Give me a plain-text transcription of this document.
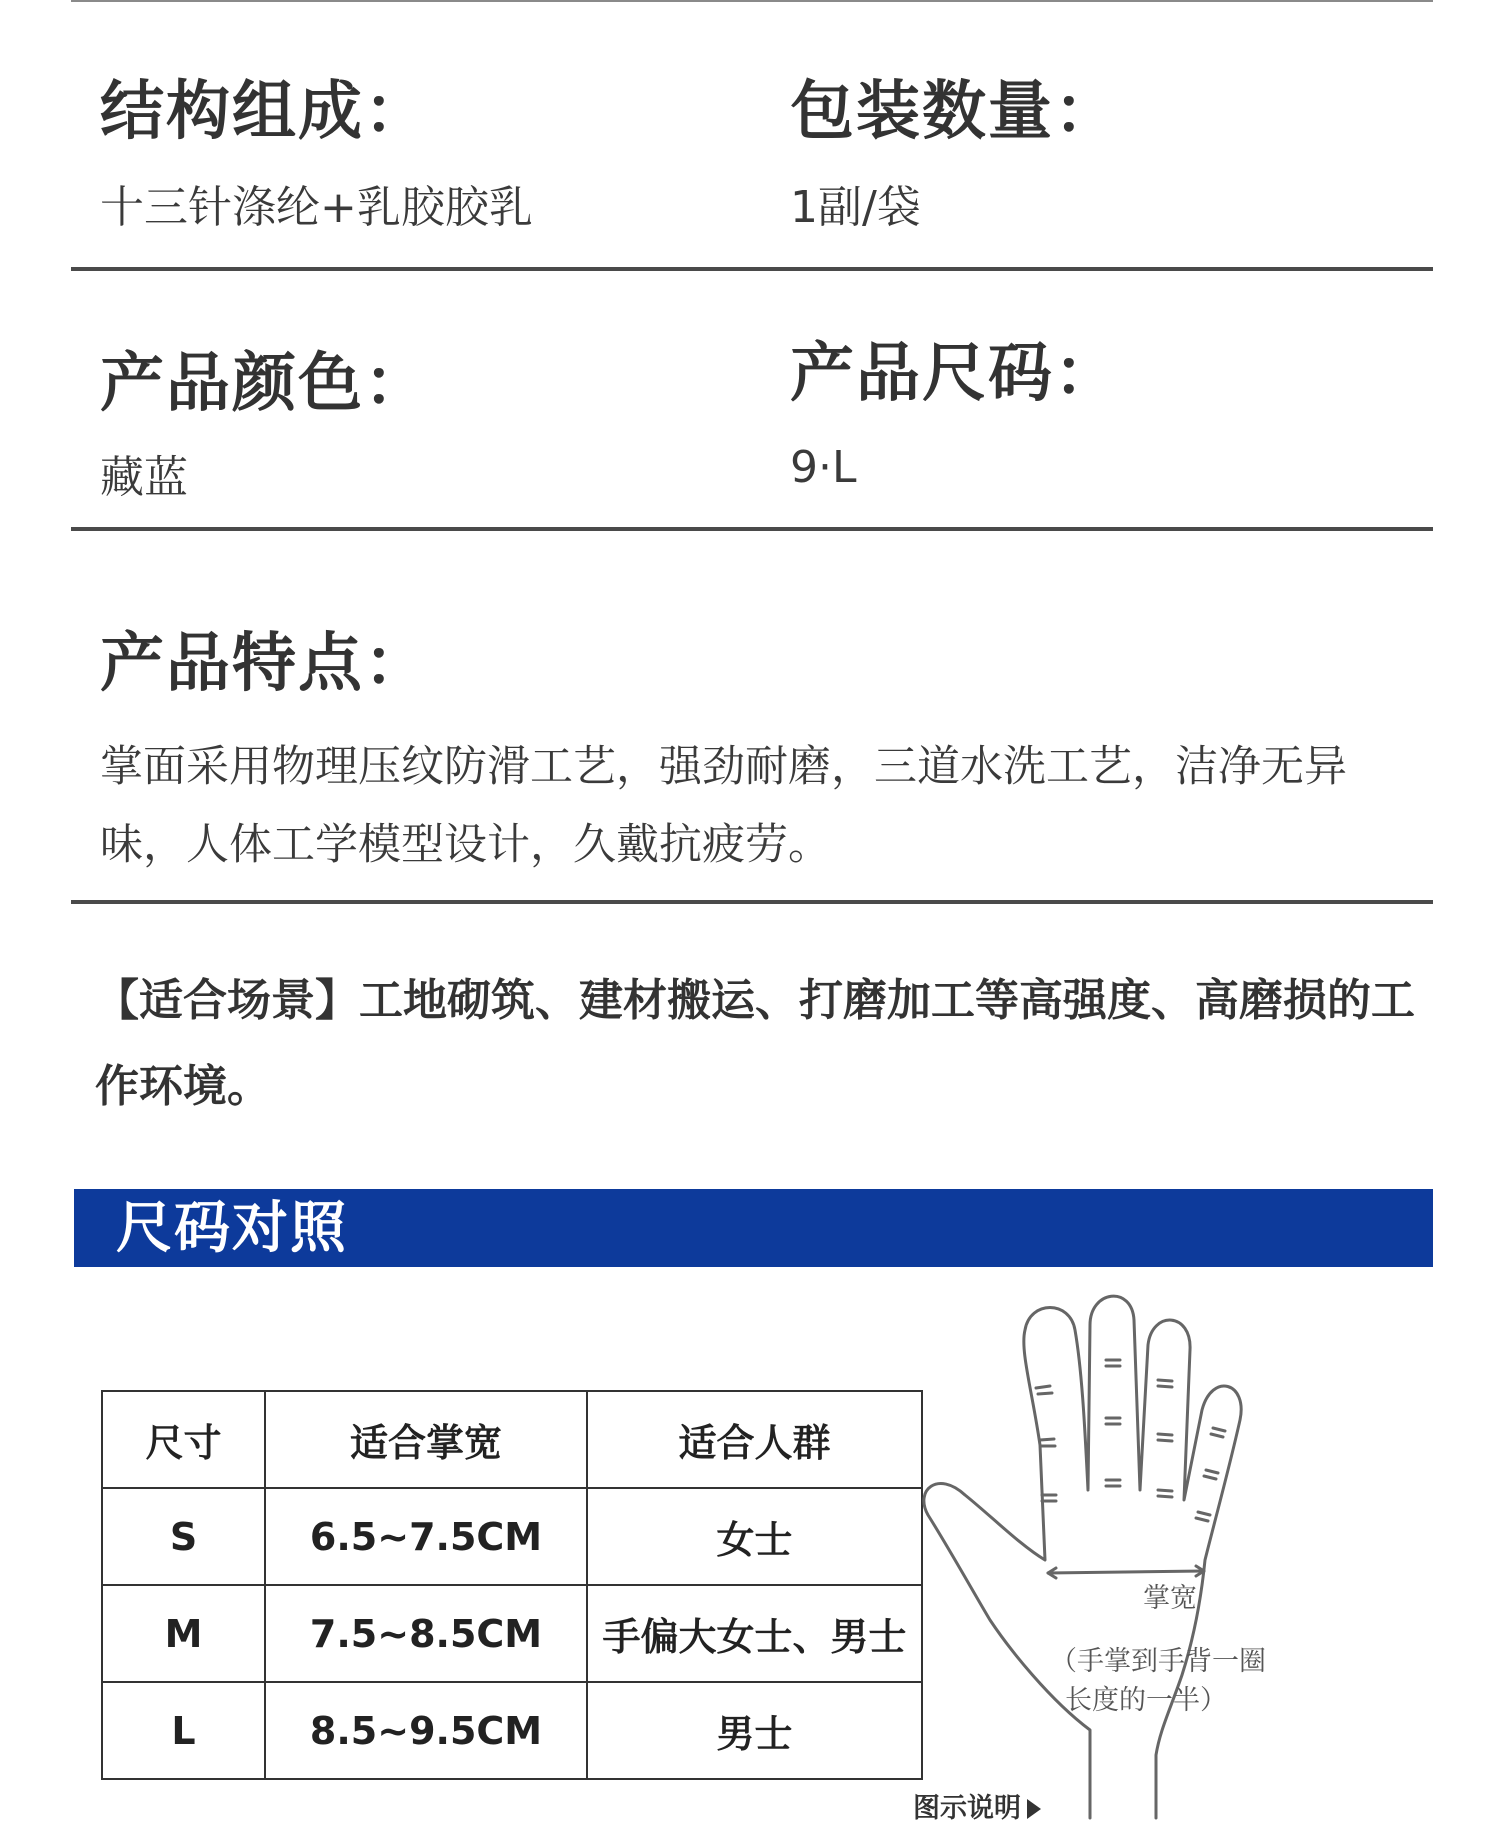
结构组成：
十三针涤纶+乳胶胶乳
包装数量：
1副/袋
产品颜色：
藏蓝
产品尺码：
9·L
产品特点：
掌面采用物理压纹防滑工艺，强劲耐磨，三道水洗工艺，洁净无异味，人体工学模型设计，久戴抗疲劳。
【适合场景】工地砌筑、建材搬运、打磨加工等高强度、高磨损的工作环境。
尺码对照
尺寸	适合掌宽	适合人群
S	6.5~7.5CM	女士
M	7.5~8.5CM	手偏大女士、男士
L	8.5~9.5CM	男士
掌宽
（手掌到手背一圈
长度的一半）
图示说明
